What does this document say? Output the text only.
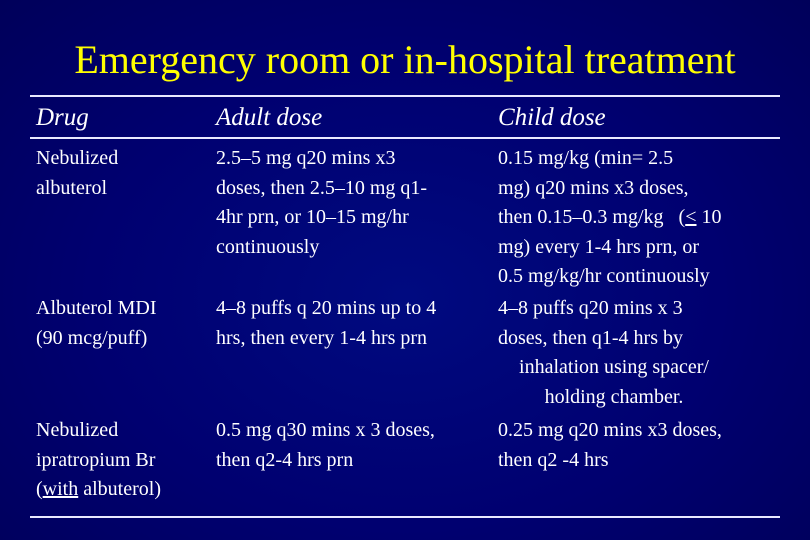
Emergency room or in-hospital treatment
Drug	Adult dose	Child dose
Nebulized
albuterol
2.5–5 mg q20 mins x3
doses, then 2.5–10 mg q1-
4hr prn, or 10–15 mg/hr
continuously
0.15 mg/kg (min= 2.5
mg) q20 mins x3 doses,
then 0.15–0.3 mg/kg   (< 10
mg) every 1-4 hrs prn, or
0.5 mg/kg/hr continuously
Albuterol MDI
(90 mcg/puff)
4–8 puffs q 20 mins up to 4
hrs, then every 1-4 hrs prn
4–8 puffs q20 mins x 3
doses, then q1-4 hrs by
inhalation using spacer/
holding chamber.
Nebulized
ipratropium Br
(with albuterol)
0.5 mg q30 mins x 3 doses,
then q2-4 hrs prn
0.25 mg q20 mins x3 doses,
then q2 -4 hrs
